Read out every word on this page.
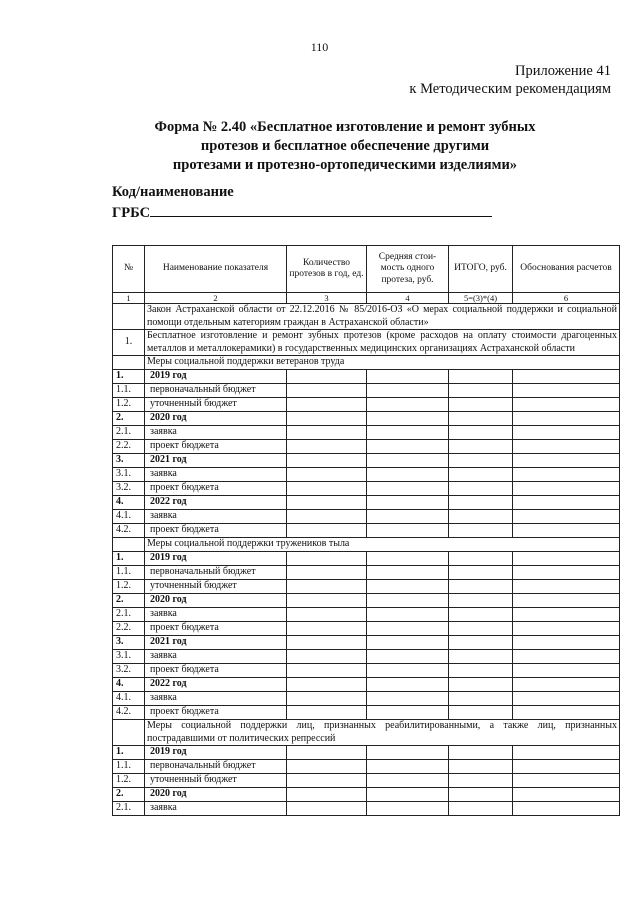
110
Приложение 41
к Методическим рекомендациям
Форма № 2.40 «Бесплатное изготовление и ремонт зубных
протезов и бесплатное обеспечение другими
протезами и протезно-ортопедическими изделиями»
Код/наименование
ГРБС
№	Наименование показателя	Количество протезов в год, ед.	Средняя стои-мость одного протеза, руб.	ИТОГО, руб.	Обоснования расчетов
1	2	3	4	5=(3)*(4)	6
	Закон Астраханской области от 22.12.2016 № 85/2016-ОЗ «О мерах социальной поддержки и социальной помощи отдельным категориям граждан в Астраханской области»				
1.	Бесплатное изготовление и ремонт зубных протезов (кроме расходов на оплату стоимости драгоценных металлов и металлокерамики) в государственных медицинских организациях Астраханской области				
	Меры социальной поддержки ветеранов труда				
1.	2019 год				
1.1.	первоначальный бюджет				
1.2.	уточненный бюджет				
2.	2020 год				
2.1.	заявка				
2.2.	проект бюджета				
3.	2021 год				
3.1.	заявка				
3.2.	проект бюджета				
4.	2022 год				
4.1.	заявка				
4.2.	проект бюджета				
	Меры социальной поддержки тружеников тыла				
1.	2019 год				
1.1.	первоначальный бюджет				
1.2.	уточненный бюджет				
2.	2020 год				
2.1.	заявка				
2.2.	проект бюджета				
3.	2021 год				
3.1.	заявка				
3.2.	проект бюджета				
4.	2022 год				
4.1.	заявка				
4.2.	проект бюджета				
	Меры социальной поддержки лиц, признанных реабилитированными, а также лиц, признанных пострадавшими от политических репрессий				
1.	2019 год				
1.1.	первоначальный бюджет				
1.2.	уточненный бюджет				
2.	2020 год				
2.1.	заявка				
